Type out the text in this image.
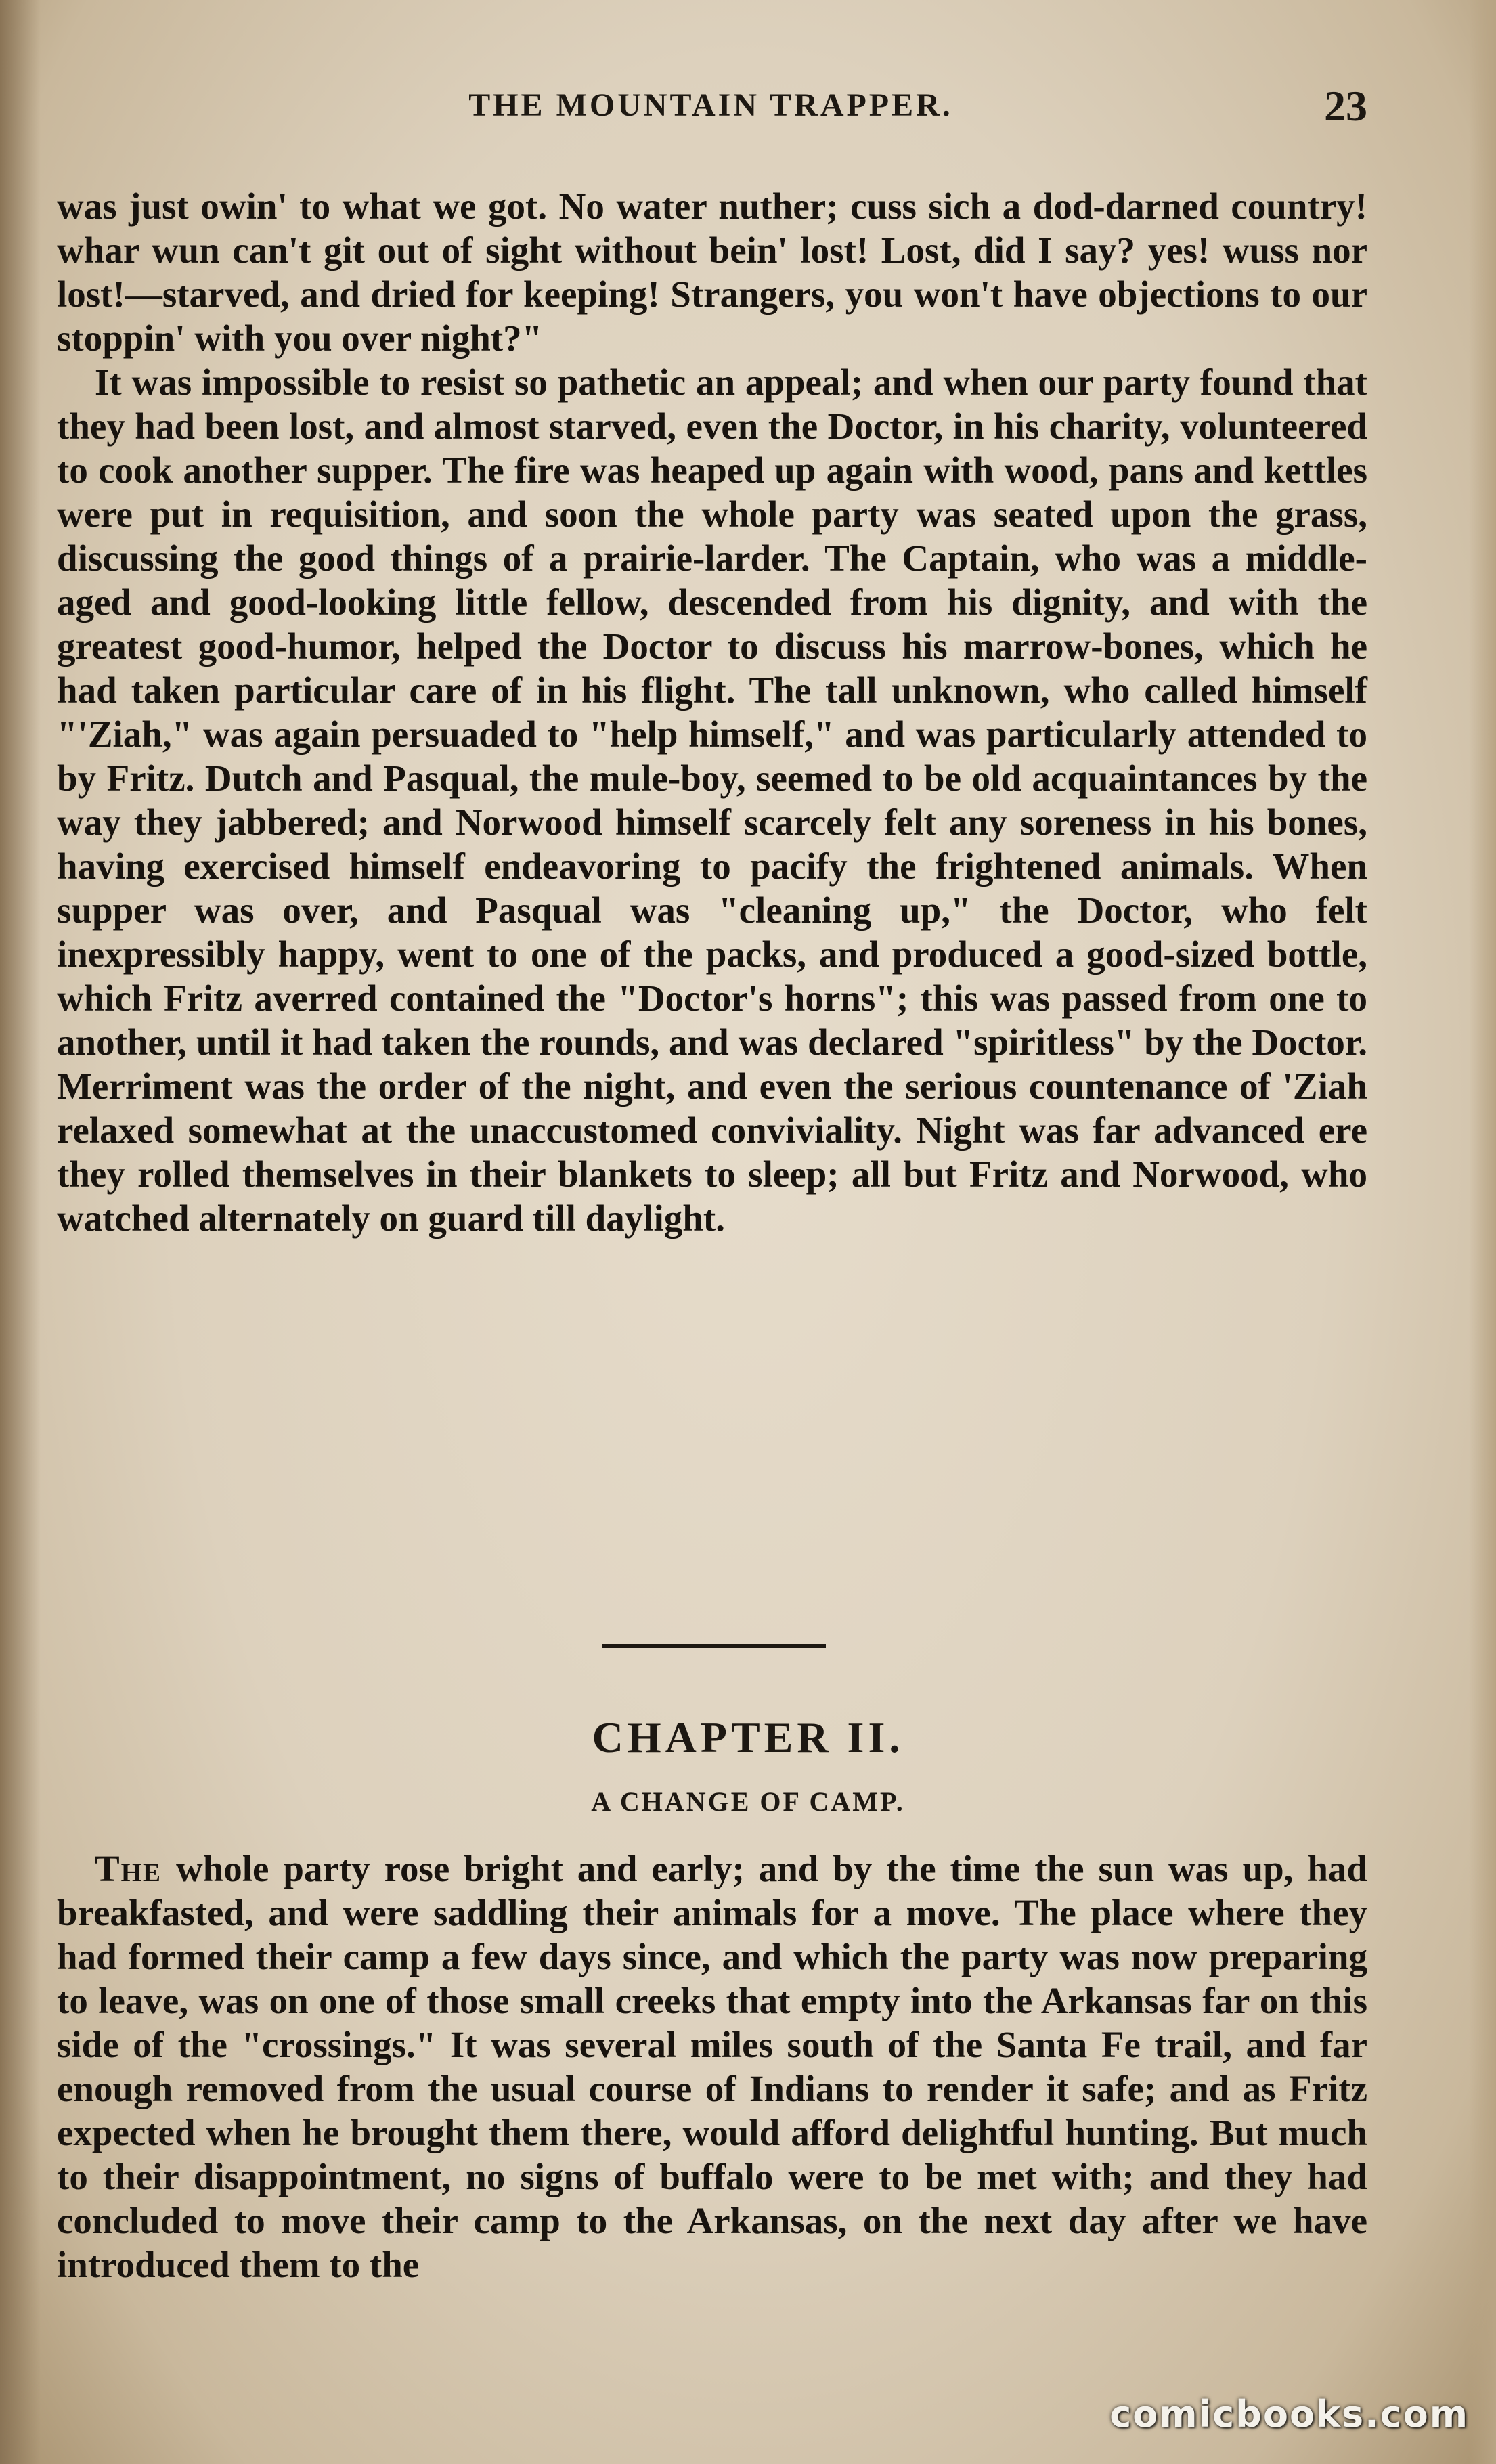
THE MOUNTAIN TRAPPER.	23

was just owin' to what we got. No water nuther; cuss sich a dod-darned country! whar wun can't git out of sight without bein' lost! Lost, did I say? yes! wuss nor lost!—starved, and dried for keeping! Strangers, you won't have objections to our stoppin' with you over night?"

It was impossible to resist so pathetic an appeal; and when our party found that they had been lost, and almost starved, even the Doctor, in his charity, volunteered to cook another supper. The fire was heaped up again with wood, pans and kettles were put in requisition, and soon the whole party was seated upon the grass, discussing the good things of a prairie-larder. The Captain, who was a middle-aged and good-looking little fellow, descended from his dignity, and with the greatest good-humor, helped the Doctor to discuss his marrow-bones, which he had taken particular care of in his flight. The tall unknown, who called himself "'Ziah," was again persuaded to "help himself," and was particularly attended to by Fritz. Dutch and Pasqual, the mule-boy, seemed to be old acquaintances by the way they jabbered; and Norwood himself scarcely felt any soreness in his bones, having exercised himself endeavoring to pacify the frightened animals. When supper was over, and Pasqual was "cleaning up," the Doctor, who felt inexpressibly happy, went to one of the packs, and produced a good-sized bottle, which Fritz averred contained the "Doctor's horns"; this was passed from one to another, until it had taken the rounds, and was declared "spiritless" by the Doctor. Merriment was the order of the night, and even the serious countenance of 'Ziah relaxed somewhat at the unaccustomed conviviality. Night was far advanced ere they rolled themselves in their blankets to sleep; all but Fritz and Norwood, who watched alternately on guard till daylight.

CHAPTER II.
A CHANGE OF CAMP.

The whole party rose bright and early; and by the time the sun was up, had breakfasted, and were saddling their animals for a move. The place where they had formed their camp a few days since, and which the party was now preparing to leave, was on one of those small creeks that empty into the Arkansas far on this side of the "crossings." It was several miles south of the Santa Fe trail, and far enough removed from the usual course of Indians to render it safe; and as Fritz expected when he brought them there, would afford delightful hunting. But much to their disappointment, no signs of buffalo were to be met with; and they had concluded to move their camp to the Arkansas, on the next day after we have introduced them to the

comicbooks.com
